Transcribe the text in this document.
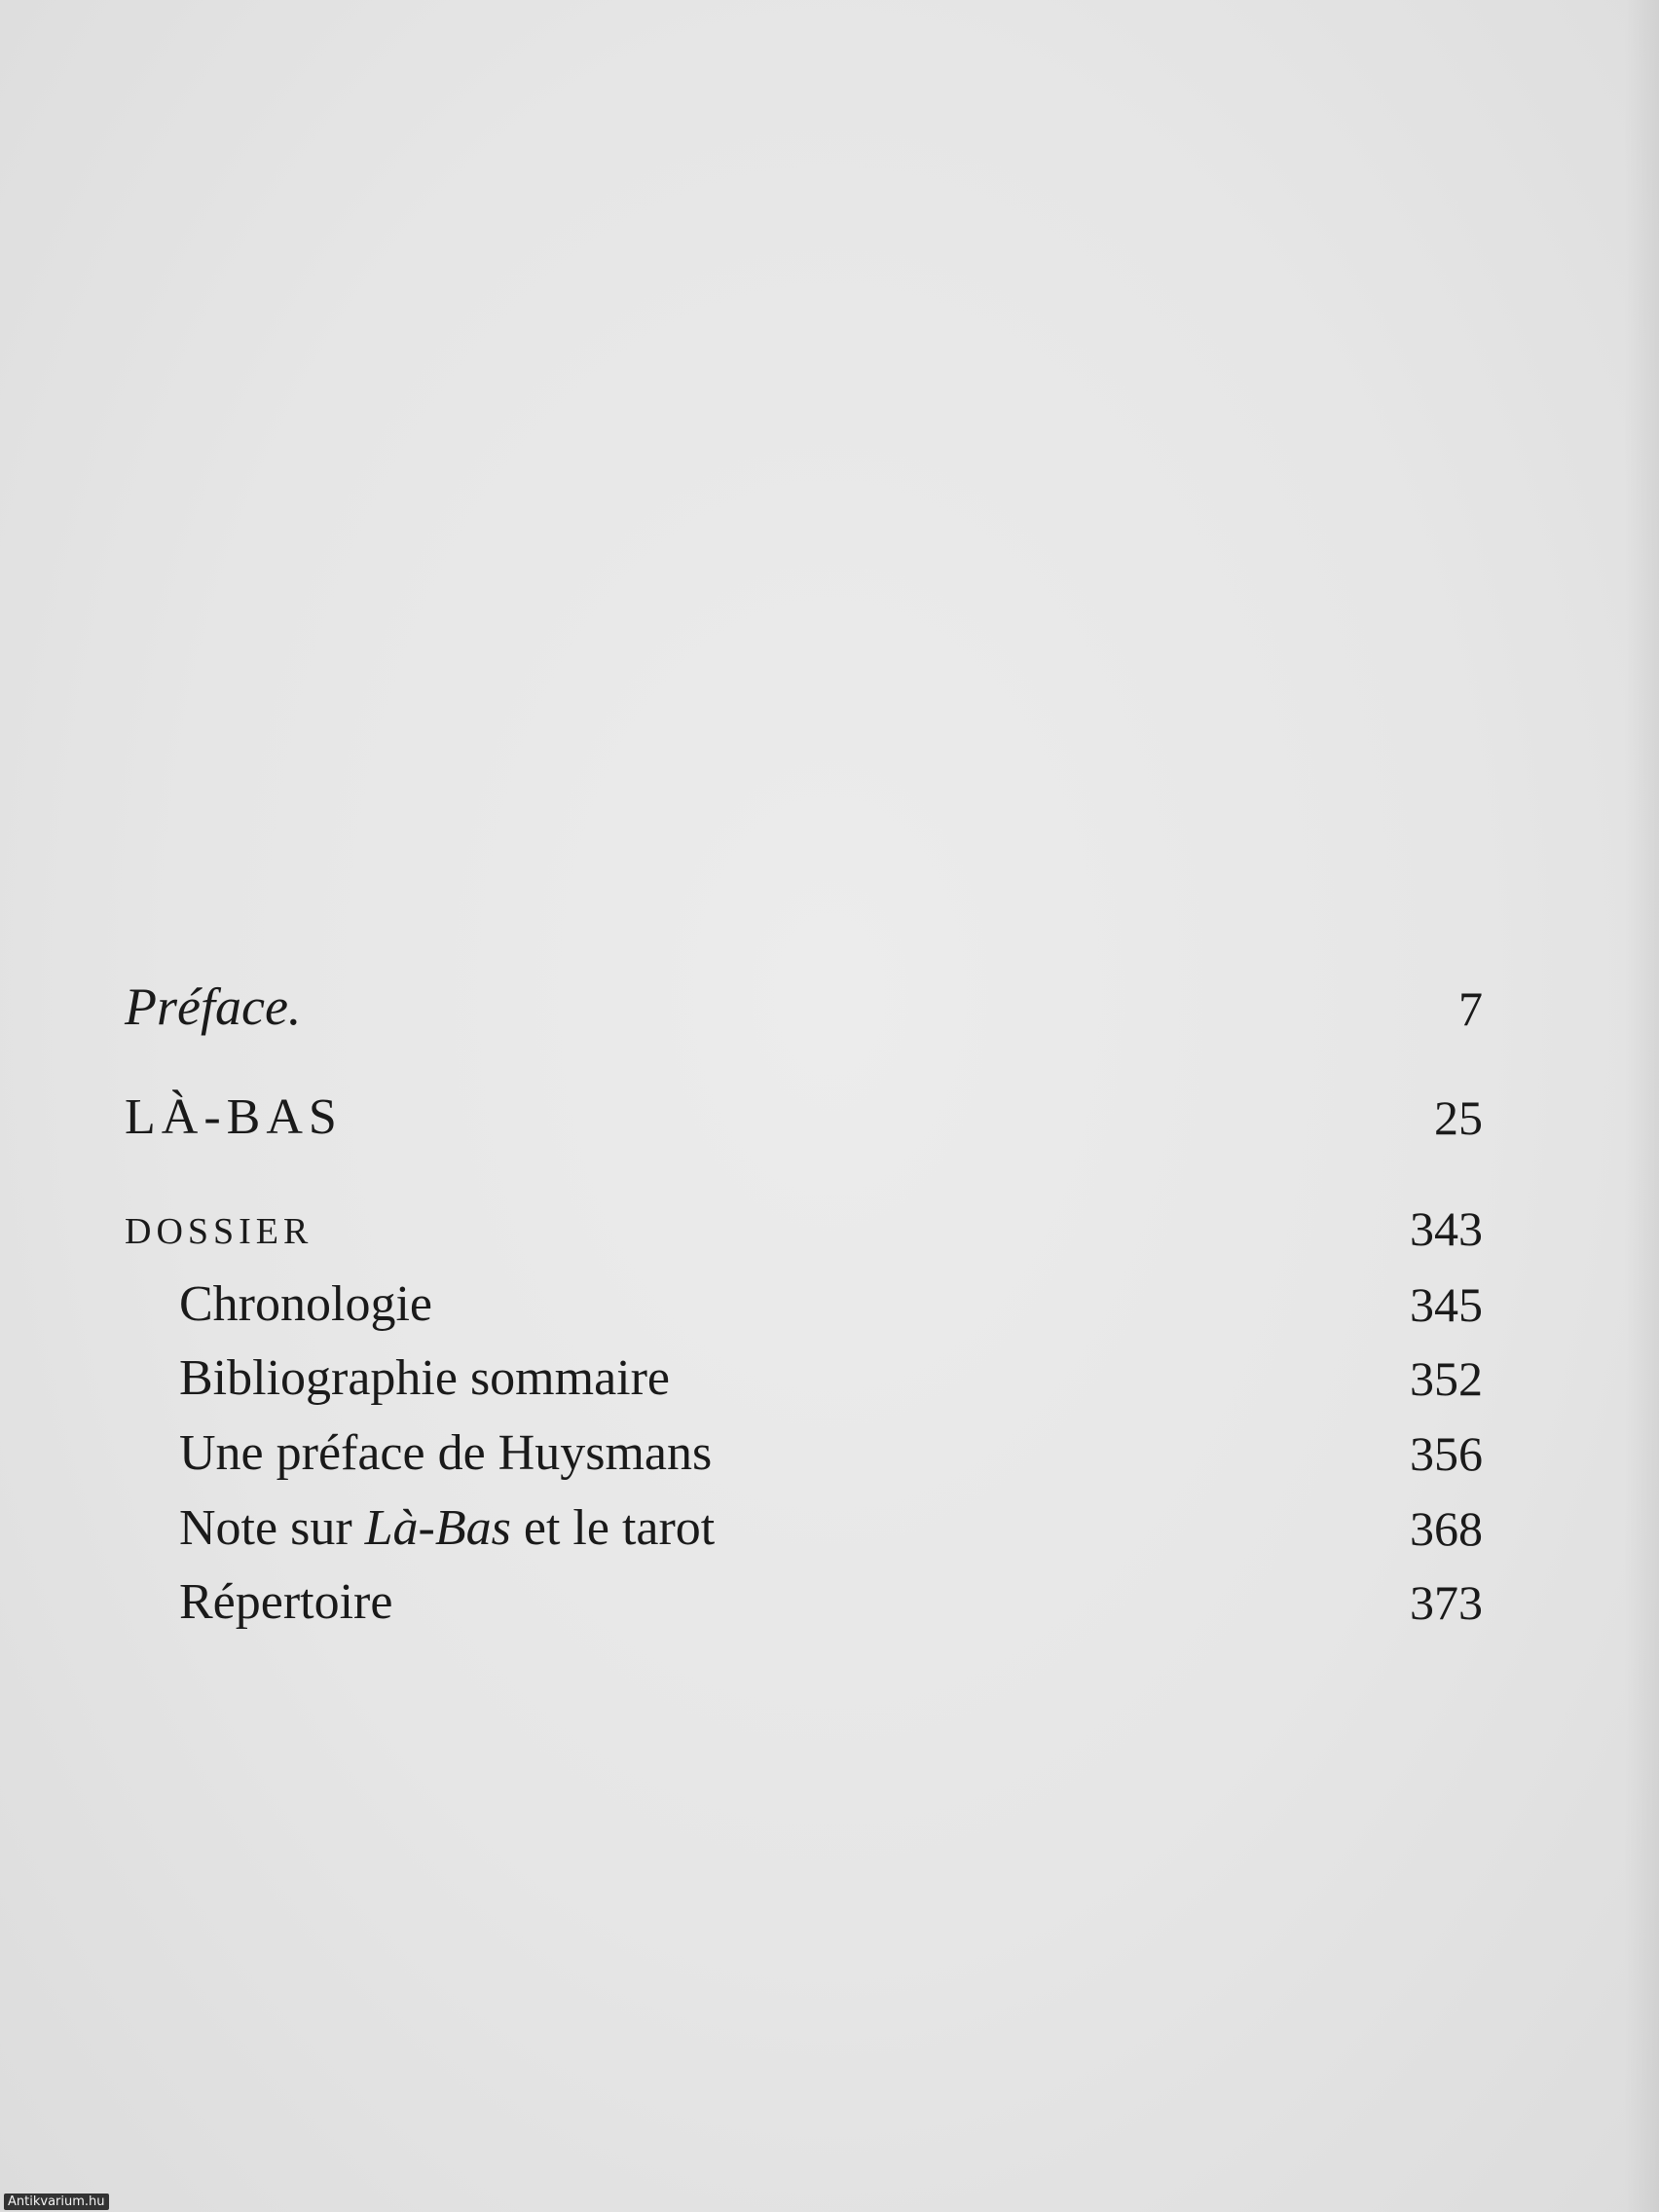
Préface.	7
LÀ-BAS	25
DOSSIER	343
Chronologie	345
Bibliographie sommaire	352
Une préface de Huysmans	356
Note sur Là-Bas et le tarot	368
Répertoire	373
Antikvarium.hu
